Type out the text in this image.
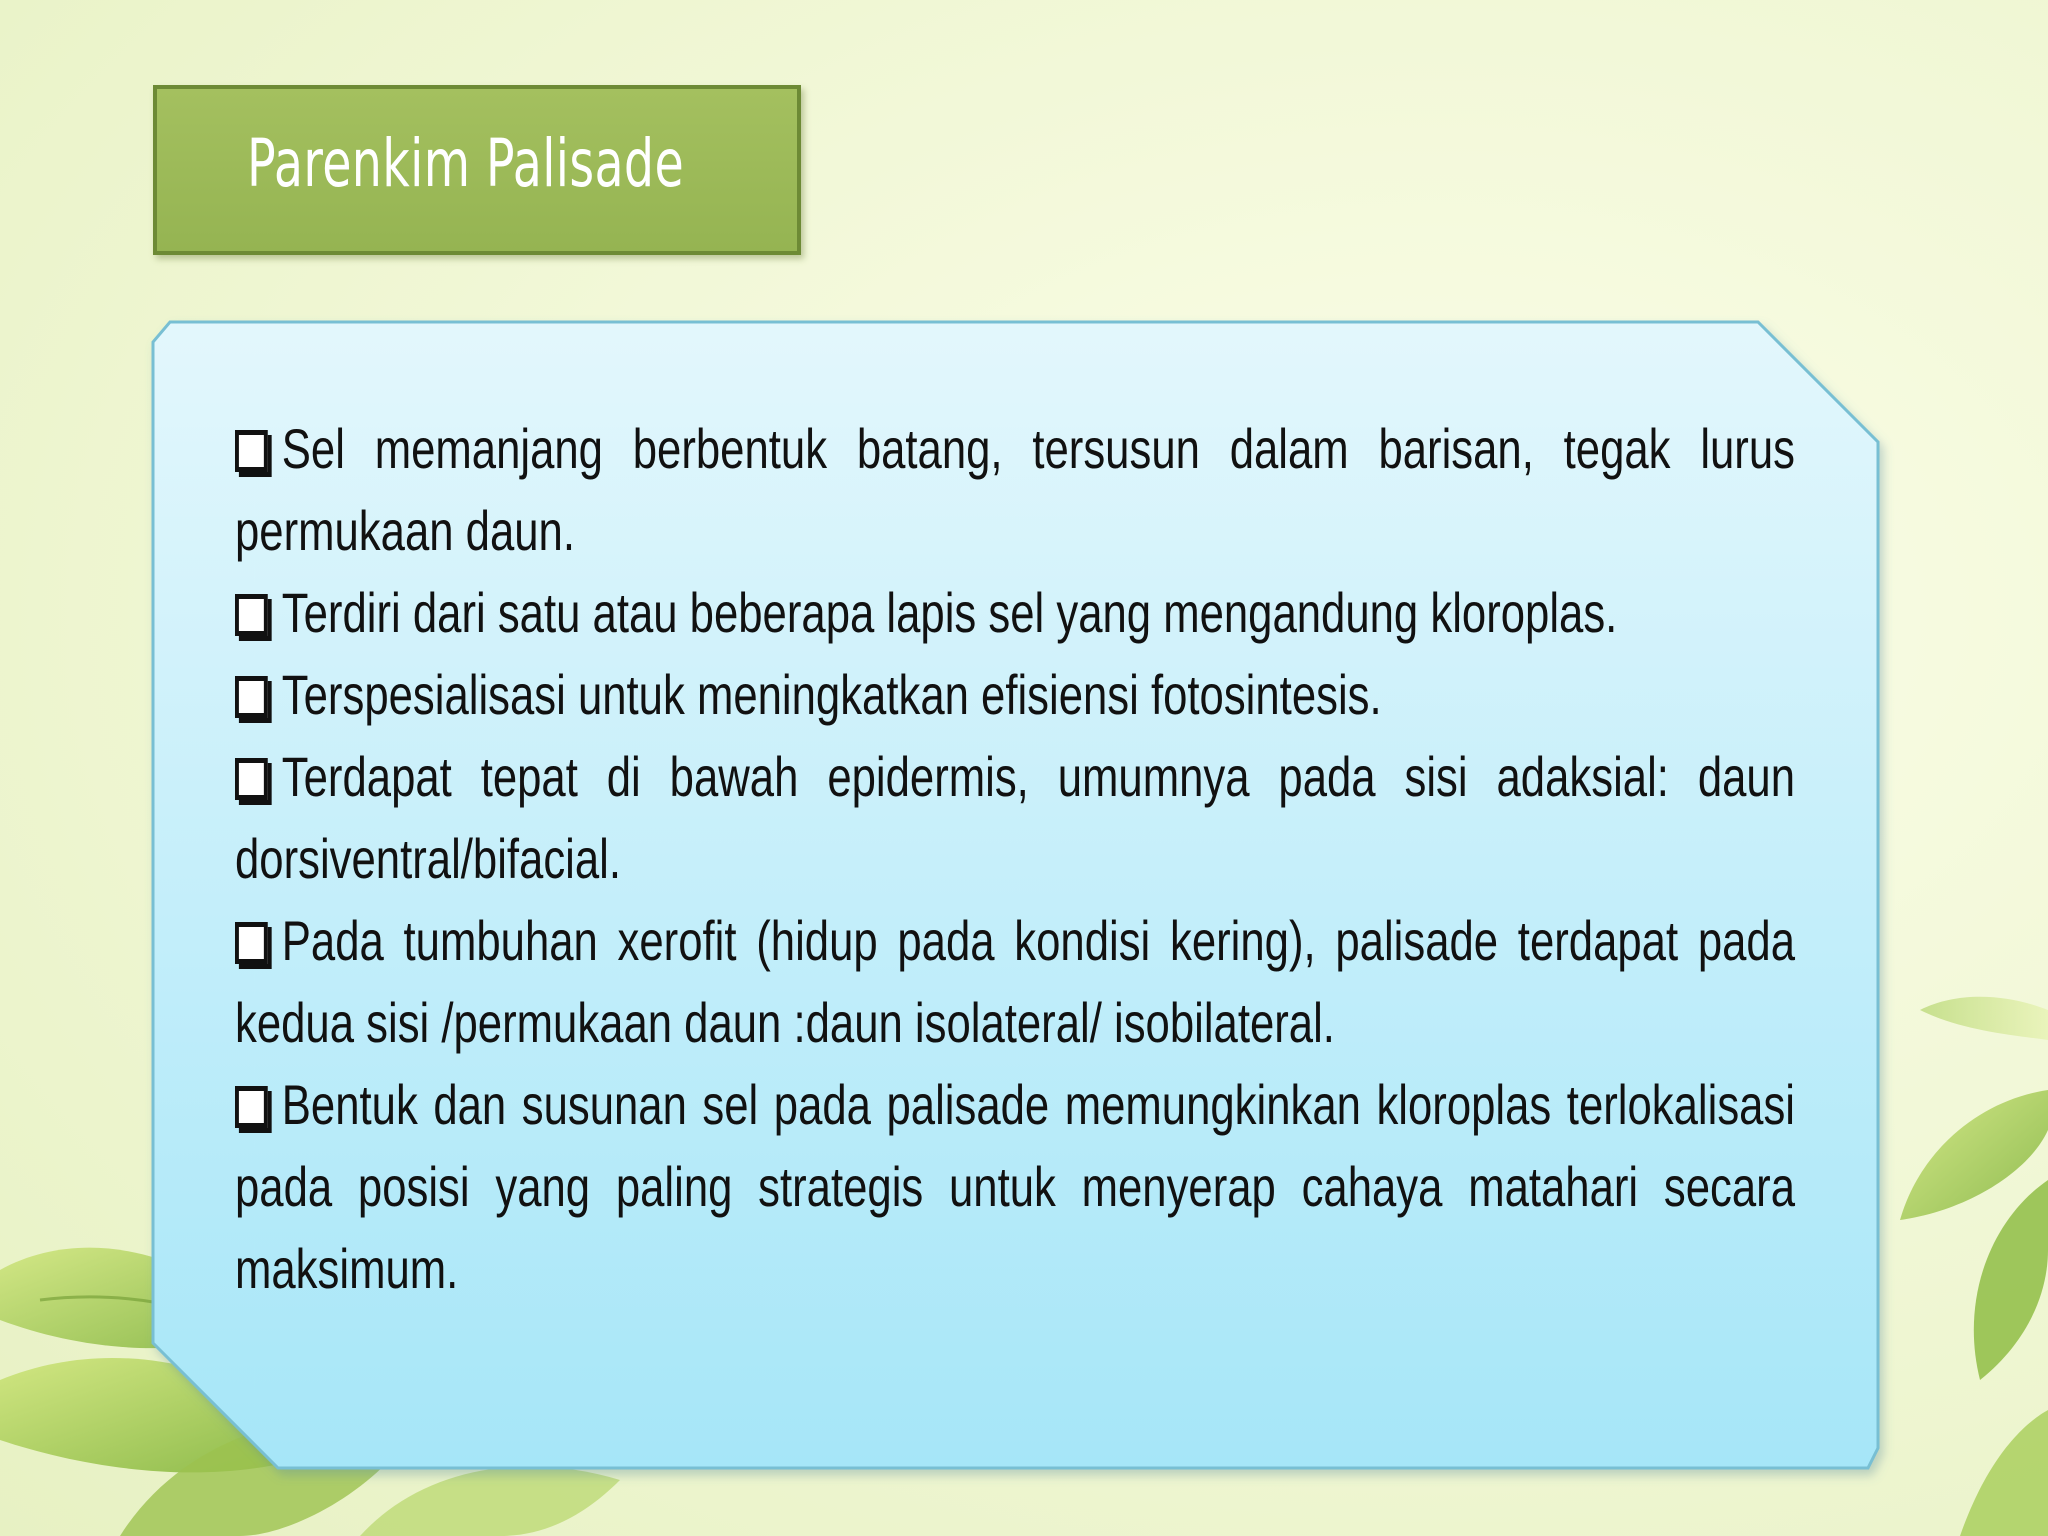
Parenkim Palisade
Sel memanjang berbentuk batang, tersusun dalam barisan, tegak lurus permukaan daun.
Terdiri dari satu atau beberapa lapis sel yang mengandung kloroplas.
Terspesialisasi untuk meningkatkan efisiensi fotosintesis.
Terdapat tepat di bawah epidermis, umumnya pada sisi adaksial: daun dorsiventral/bifacial.
Pada tumbuhan xerofit (hidup pada kondisi kering), palisade terdapat pada kedua sisi /permukaan daun :daun isolateral/ isobilateral.
Bentuk dan susunan sel pada palisade memungkinkan kloroplas terlokalisasi pada posisi yang paling strategis untuk menyerap cahaya matahari secara maksimum.
